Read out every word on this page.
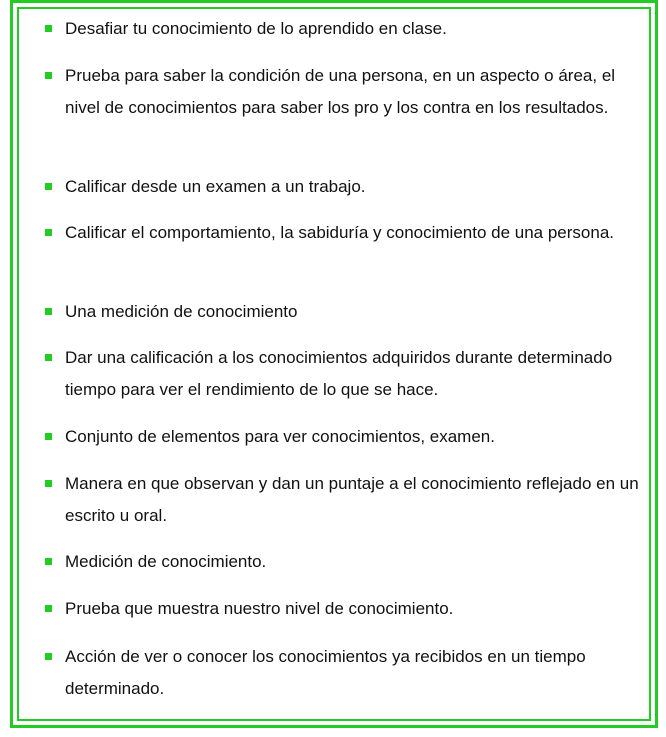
Desafiar tu conocimiento de lo aprendido en clase.
Prueba para saber la condición de una persona, en un aspecto o área, el nivel de conocimientos para saber los pro y los contra en los resultados.
Calificar desde un examen a un trabajo.
Calificar el comportamiento, la sabiduría y conocimiento de una persona.
Una medición de conocimiento
Dar una calificación a los conocimientos adquiridos durante determinado tiempo para ver el rendimiento de lo que se hace.
Conjunto de elementos para ver conocimientos, examen.
Manera en que observan y dan un puntaje a el conocimiento reflejado en un escrito u oral.
Medición de conocimiento.
Prueba que muestra nuestro nivel de conocimiento.
Acción de ver o conocer los conocimientos ya recibidos en un tiempo determinado.
